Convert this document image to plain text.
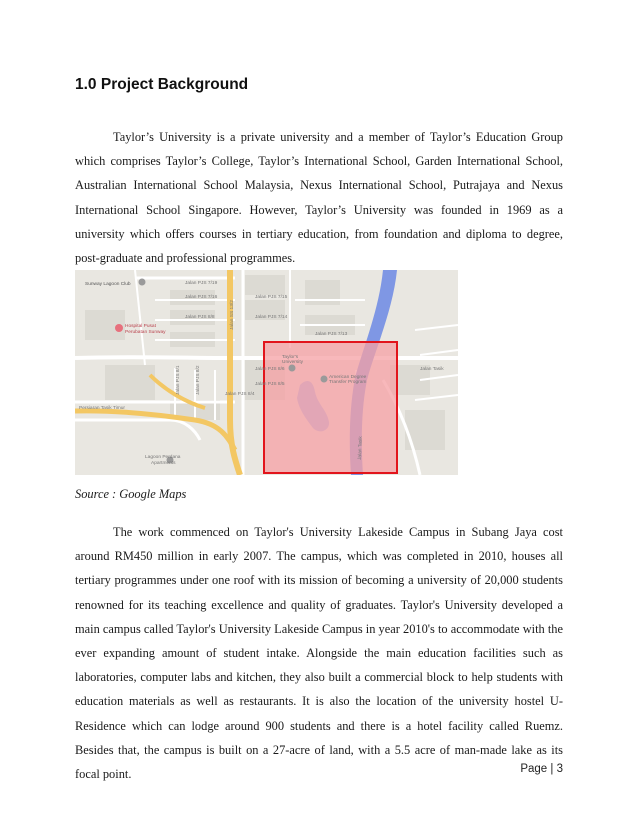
1.0 Project Background

Taylor’s University is a private university and a member of Taylor’s Education Group which comprises Taylor’s College, Taylor’s International School, Garden International School, Australian International School Malaysia, Nexus International School, Putrajaya and Nexus International School Singapore. However, Taylor’s University was founded in 1969 as a university which offers courses in tertiary education, from foundation and diploma to degree, post-graduate and professional programmes.

Sunway Lagoon Club
Hospital Pusat
Perubatan Sunway
Taylor's
University
American Degree
Transfer Program
Lagoon Perdana
Apartments
Persiaran Tasik Timur
Jalan PJS 7/19
Jalan PJS 7/16
Jalan PJS 8/8
Jalan PJS 7/15
Jalan PJS 7/14
Jalan PJS 7/13
Jalan PJS 8/1	Jalan PJS 8/2	Jalan PJS 8/4
Jalan PJS 8/5
Jalan PJS 8/6
Jalan SS 13/2
Jalan Tasik
Jalan Tasik

Source : Google Maps

The work commenced on Taylor's University Lakeside Campus in Subang Jaya cost around RM450 million in early 2007. The campus, which was completed in 2010, houses all tertiary programmes under one roof with its mission of becoming a university of 20,000 students renowned for its teaching excellence and quality of graduates. Taylor's University developed a main campus called Taylor's University Lakeside Campus in year 2010's to accommodate with the ever expanding amount of student intake. Alongside the main education facilities such as laboratories, computer labs and kitchen, they also built a commercial block to help students with education materials as well as restaurants. It is also the location of the university hostel U-Residence which can lodge around 900 students and there is a hotel facility called Ruemz. Besides that, the campus is built on a 27-acre of land, with a 5.5 acre of man-made lake as its focal point.	Page | 3
